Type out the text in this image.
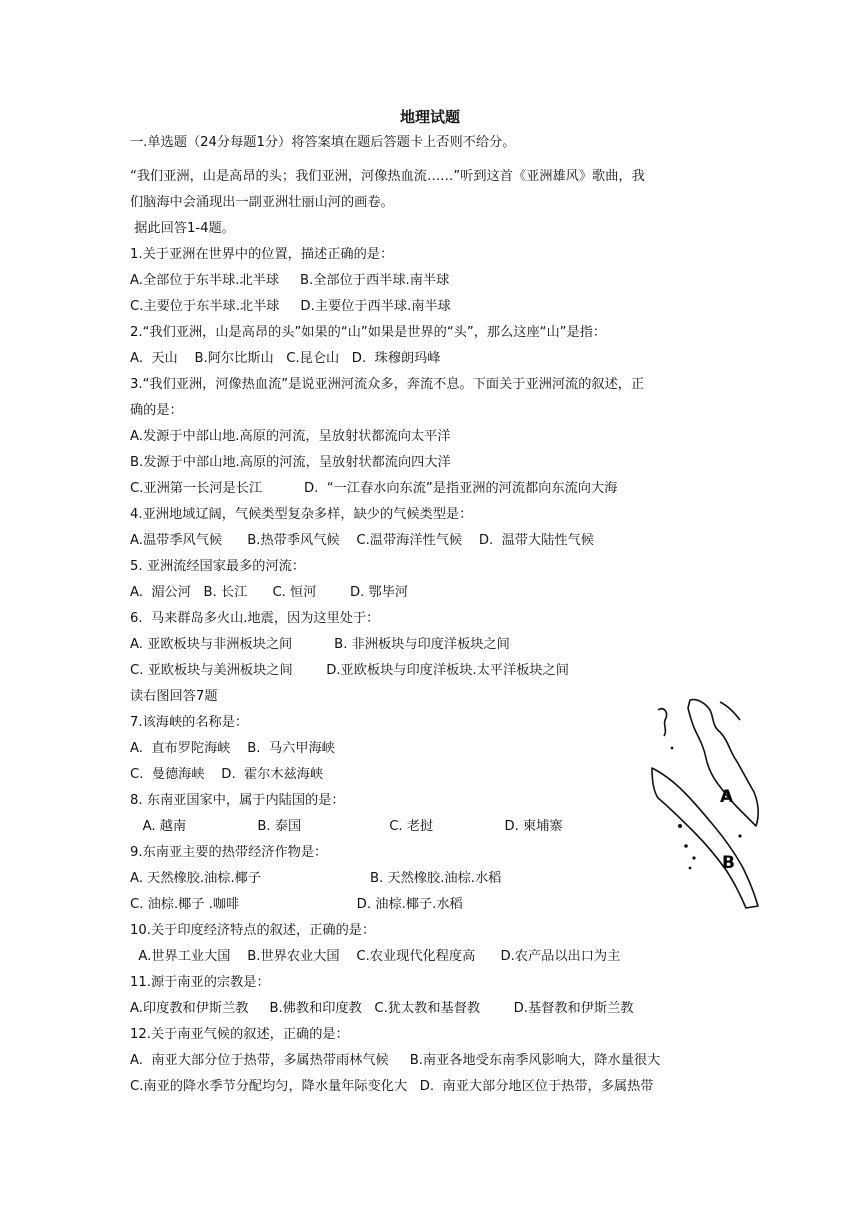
地理试题
一.单选题（24分每题1分）将答案填在题后答题卡上否则不给分。
“我们亚洲，山是高昂的头；我们亚洲，河像热血流……”听到这首《亚洲雄风》歌曲，我
们脑海中会涌现出一副亚洲壮丽山河的画卷。
据此回答1-4题。
1.关于亚洲在世界中的位置，描述正确的是：
A.全部位于东半球.北半球     B.全部位于西半球.南半球
C.主要位于东半球.北半球     D.主要位于西半球.南半球
2.“我们亚洲，山是高昂的头”如果的“山”如果是世界的“头”，那么这座“山”是指：
A.  天山    B.阿尔比斯山   C.昆仑山   D.  珠穆朗玛峰
3.“我们亚洲，河像热血流”是说亚洲河流众多，奔流不息。下面关于亚洲河流的叙述，正
确的是：
A.发源于中部山地.高原的河流，呈放射状都流向太平洋
B.发源于中部山地.高原的河流，呈放射状都流向四大洋
C.亚洲第一长河是长江          D.  “一江春水向东流”是指亚洲的河流都向东流向大海
4.亚洲地域辽阔，气候类型复杂多样，缺少的气候类型是：
A.温带季风气候      B.热带季风气候    C.温带海洋性气候    D.  温带大陆性气候
5. 亚洲流经国家最多的河流：
A.  湄公河   B. 长江      C. 恒河        D. 鄂毕河
6.  马来群岛多火山.地震，因为这里处于：
A. 亚欧板块与非洲板块之间          B. 非洲板块与印度洋板块之间
C. 亚欧板块与美洲板块之间        D.亚欧板块与印度洋板块.太平洋板块之间
读右图回答7题
7.该海峡的名称是：
A.  直布罗陀海峡    B.  马六甲海峡
C.  曼德海峡    D.  霍尔木兹海峡
8. 东南亚国家中，属于内陆国的是：
A. 越南                 B. 泰国                     C. 老挝                 D. 柬埔寨
9.东南亚主要的热带经济作物是：
A. 天然橡胶.油棕.椰子                          B. 天然橡胶.油棕.水稻
C. 油棕.椰子 .咖啡                            D. 油棕.椰子.水稻
10.关于印度经济特点的叙述，正确的是：
A.世界工业大国    B.世界农业大国    C.农业现代化程度高      D.农产品以出口为主
11.源于南亚的宗教是：
A.印度教和伊斯兰教     B.佛教和印度教   C.犹太教和基督教        D.基督教和伊斯兰教
12.关于南亚气候的叙述，正确的是：
A.  南亚大部分位于热带，多属热带雨林气候     B.南亚各地受东南季风影响大，降水量很大
C.南亚的降水季节分配均匀，降水量年际变化大   D.  南亚大部分地区位于热带，多属热带
A
B
